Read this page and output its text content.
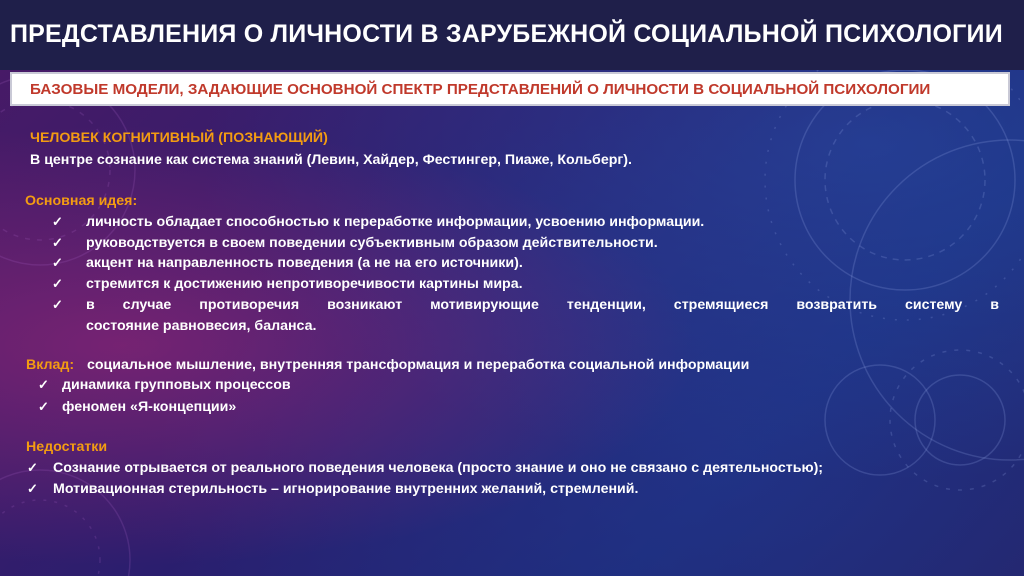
ПРЕДСТАВЛЕНИЯ О ЛИЧНОСТИ В ЗАРУБЕЖНОЙ СОЦИАЛЬНОЙ ПСИХОЛОГИИ
БАЗОВЫЕ МОДЕЛИ, ЗАДАЮЩИЕ ОСНОВНОЙ СПЕКТР ПРЕДСТАВЛЕНИЙ О ЛИЧНОСТИ В СОЦИАЛЬНОЙ ПСИХОЛОГИИ
ЧЕЛОВЕК КОГНИТИВНЫЙ (ПОЗНАЮЩИЙ)
В центре сознание как система знаний (Левин, Хайдер, Фестингер, Пиаже, Кольберг).
Основная идея:
✓ личность обладает способностью к переработке информации, усвоению информации.
✓ руководствуется в своем поведении субъективным образом действительности.
✓ акцент на направленность поведения (а не на его источники).
✓ стремится к достижению непротиворечивости картины мира.
✓ в случае противоречия возникают мотивирующие тенденции, стремящиеся возвратить систему в
состояние равновесия, баланса.
Вклад: социальное мышление, внутренняя трансформация и переработка социальной информации
✓ динамика групповых процессов
✓ феномен «Я-концепции»
Недостатки
✓ Сознание отрывается от реального поведения человека (просто знание и оно не связано с деятельностью);
✓ Мотивационная стерильность – игнорирование внутренних желаний, стремлений.
